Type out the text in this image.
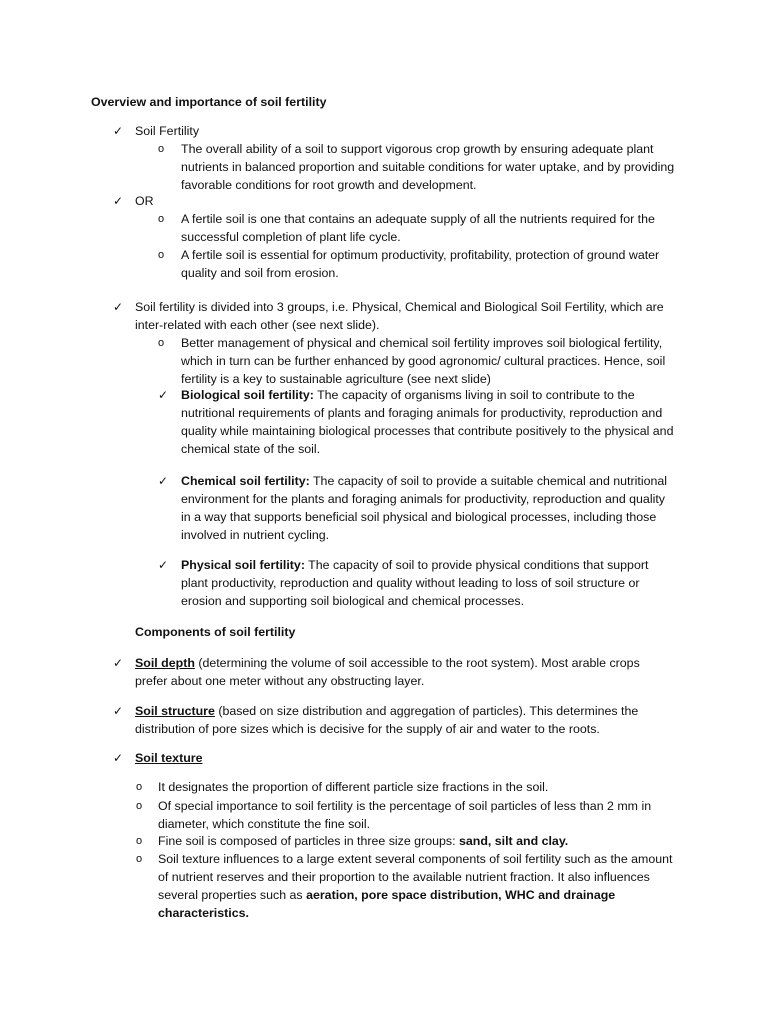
Overview and importance of soil fertility
✓ Soil Fertility
o The overall ability of a soil to support vigorous crop growth by ensuring adequate plant nutrients in balanced proportion and suitable conditions for water uptake, and by providing favorable conditions for root growth and development.
✓ OR
o A fertile soil is one that contains an adequate supply of all the nutrients required for the successful completion of plant life cycle.
o A fertile soil is essential for optimum productivity, profitability, protection of ground water quality and soil from erosion.
✓ Soil fertility is divided into 3 groups, i.e. Physical, Chemical and Biological Soil Fertility, which are inter-related with each other (see next slide).
o Better management of physical and chemical soil fertility improves soil biological fertility, which in turn can be further enhanced by good agronomic/ cultural practices. Hence, soil fertility is a key to sustainable agriculture (see next slide)
✓ Biological soil fertility: The capacity of organisms living in soil to contribute to the nutritional requirements of plants and foraging animals for productivity, reproduction and quality while maintaining biological processes that contribute positively to the physical and chemical state of the soil.
✓ Chemical soil fertility: The capacity of soil to provide a suitable chemical and nutritional environment for the plants and foraging animals for productivity, reproduction and quality in a way that supports beneficial soil physical and biological processes, including those involved in nutrient cycling.
✓ Physical soil fertility: The capacity of soil to provide physical conditions that support plant productivity, reproduction and quality without leading to loss of soil structure or erosion and supporting soil biological and chemical processes.
Components of soil fertility
✓ Soil depth (determining the volume of soil accessible to the root system). Most arable crops prefer about one meter without any obstructing layer.
✓ Soil structure (based on size distribution and aggregation of particles). This determines the distribution of pore sizes which is decisive for the supply of air and water to the roots.
✓ Soil texture
o It designates the proportion of different particle size fractions in the soil.
o Of special importance to soil fertility is the percentage of soil particles of less than 2 mm in diameter, which constitute the fine soil.
o Fine soil is composed of particles in three size groups: sand, silt and clay.
o Soil texture influences to a large extent several components of soil fertility such as the amount of nutrient reserves and their proportion to the available nutrient fraction. It also influences several properties such as aeration, pore space distribution, WHC and drainage characteristics.
